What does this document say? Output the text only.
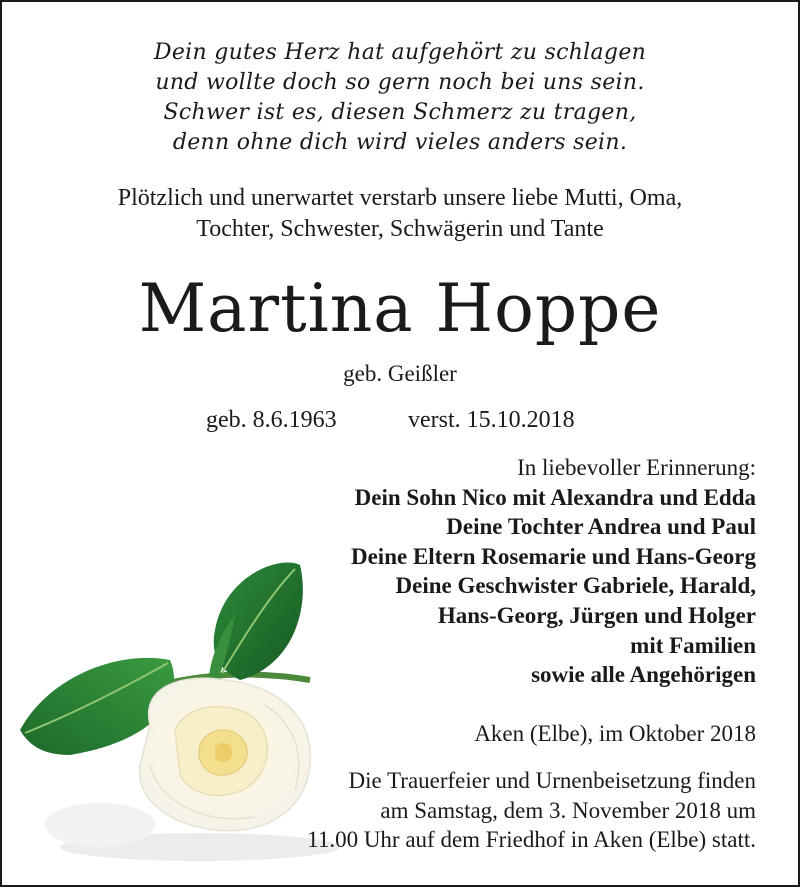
Dein gutes Herz hat aufgehört zu schlagen
und wollte doch so gern noch bei uns sein.
Schwer ist es, diesen Schmerz zu tragen,
denn ohne dich wird vieles anders sein.
Plötzlich und unerwartet verstarb unsere liebe Mutti, Oma,
Tochter, Schwester, Schwägerin und Tante
Martina Hoppe
geb. Geißler
geb. 8.6.1963	verst. 15.10.2018
In liebevoller Erinnerung:
Dein Sohn Nico mit Alexandra und Edda
Deine Tochter Andrea und Paul
Deine Eltern Rosemarie und Hans-Georg
Deine Geschwister Gabriele, Harald,
Hans-Georg, Jürgen und Holger
mit Familien
sowie alle Angehörigen
Aken (Elbe), im Oktober 2018
Die Trauerfeier und Urnenbeisetzung finden
am Samstag, dem 3. November 2018 um
11.00 Uhr auf dem Friedhof in Aken (Elbe) statt.
